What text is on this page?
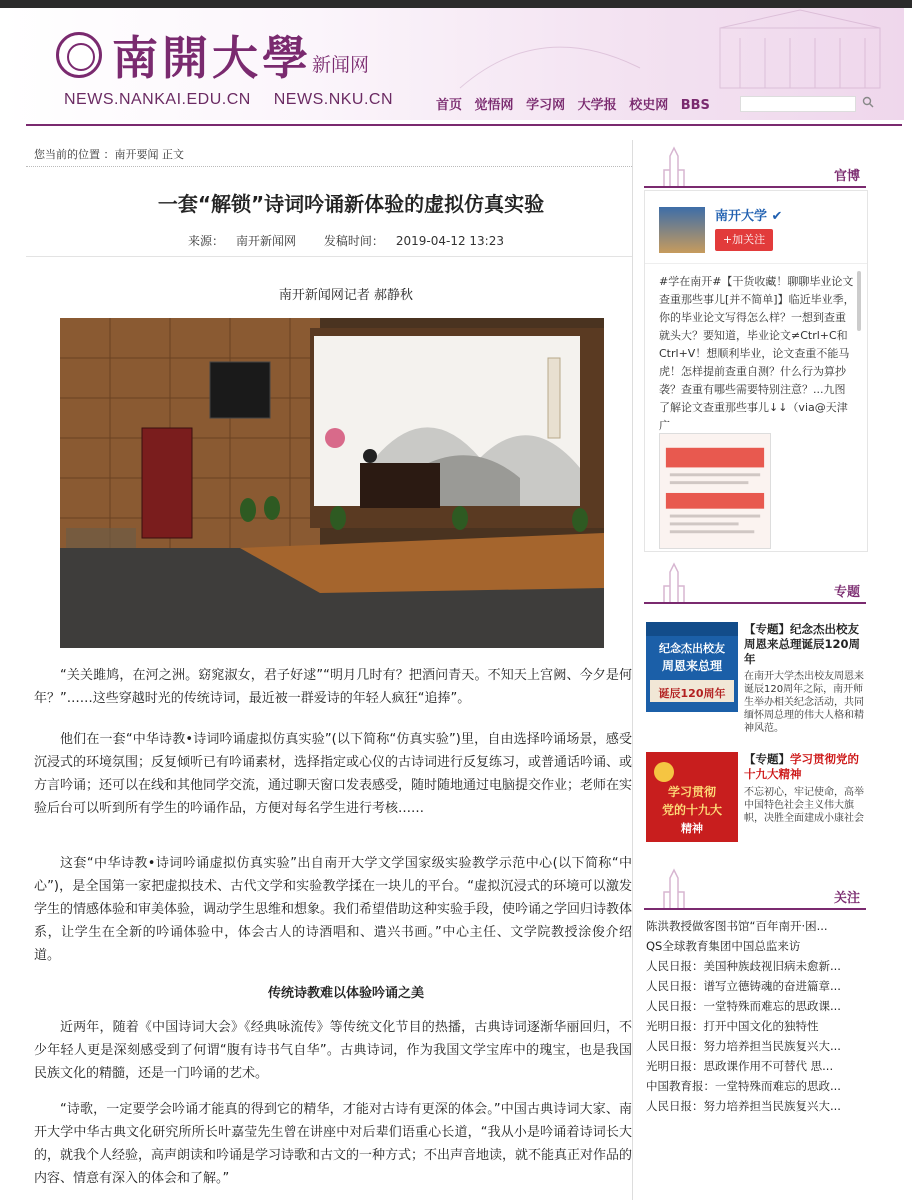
南開大學 新闻网
NEWS.NANKAI.EDU.CN NEWS.NKU.CN	首页 觉悟网 学习网 大学报 校史网 BBS
您当前的位置 ：南开要闻 正文
一套“解锁”诗词吟诵新体验的虚拟仿真实验
来源： 南开新闻网 发稿时间： 2019-04-12 13:23
南开新闻网记者 郝静秋

“关关雎鸠，在河之洲。窈窕淑女，君子好逑”“明月几时有？把酒问青天。不知天上宫阙、今夕是何年？”……这些穿越时光的传统诗词，最近被一群爱诗的年轻人疯狂“追捧”。

他们在一套“中华诗教•诗词吟诵虚拟仿真实验”(以下简称“仿真实验”)里，自由选择吟诵场景，感受沉浸式的环境氛围；反复倾听已有吟诵素材，选择指定或心仪的古诗词进行反复练习，或普通话吟诵、或方言吟诵；还可以在线和其他同学交流，通过聊天窗口发表感受，随时随地通过电脑提交作业；老师在实验后台可以听到所有学生的吟诵作品，方便对每名学生进行考核……

这套“中华诗教•诗词吟诵虚拟仿真实验”出自南开大学文学国家级实验教学示范中心(以下简称“中心”)，是全国第一家把虚拟技术、古代文学和实验教学揉在一块儿的平台。“虚拟沉浸式的环境可以激发学生的情感体验和审美体验，调动学生思维和想象。我们希望借助这种实验手段，使吟诵之学回归诗教体系，让学生在全新的吟诵体验中，体会古人的诗酒唱和、遣兴书画。”中心主任、文学院教授涂俊介绍道。

传统诗教难以体验吟诵之美

近两年，随着《中国诗词大会》《经典咏流传》等传统文化节目的热播，古典诗词逐渐华丽回归，不少年轻人更是深刻感受到了何谓“腹有诗书气自华”。古典诗词，作为我国文学宝库中的瑰宝，也是我国民族文化的精髓，还是一门吟诵的艺术。

“诗歌，一定要学会吟诵才能真的得到它的精华，才能对古诗有更深的体会。”中国古典诗词大家、南开大学中华古典文化研究所所长叶嘉莹先生曾在讲座中对后辈们语重心长道，“我从小是吟诵着诗词长大的，就我个人经验，高声朗读和吟诵是学习诗歌和古文的一种方式；不出声音地读，就不能真正对作品的内容、情意有深入的体会和了解。”

官博
南开大学 ✔
+加关注
#学在南开#【干货收藏！聊聊毕业论文查重那些事儿[并不简单]】临近毕业季，你的毕业论文写得怎么样？一想到查重就头大？要知道，毕业论文≠Ctrl+C和Ctrl+V！想顺利毕业，论文查重不能马虎！怎样提前查重自测？什么行为算抄袭？查重有哪些需要特别注意？...九图了解论文查重那些事儿↓↓（via@天津广
专题
纪念杰出校友
周恩来总理
诞辰120周年
【专题】纪念杰出校友周恩来总理诞辰120周年
在南开大学杰出校友周恩来诞辰120周年之际，南开师生举办相关纪念活动，共同缅怀周总理的伟大人格和精神风范。
学习贯彻
党的十九大
精神
【专题】学习贯彻党的十九大精神
不忘初心，牢记使命，高举中国特色社会主义伟大旗帜，决胜全面建成小康社会
关注
陈洪教授做客图书馆“百年南开·困...
QS全球教育集团中国总监来访
人民日报：美国种族歧视旧病未愈新...
人民日报：谱写立德铸魂的奋进篇章...
人民日报：一堂特殊而难忘的思政课...
光明日报：打开中国文化的独特性
人民日报：努力培养担当民族复兴大...
光明日报：思政课作用不可替代 思...
中国教育报：一堂特殊而难忘的思政...
人民日报：努力培养担当民族复兴大...
